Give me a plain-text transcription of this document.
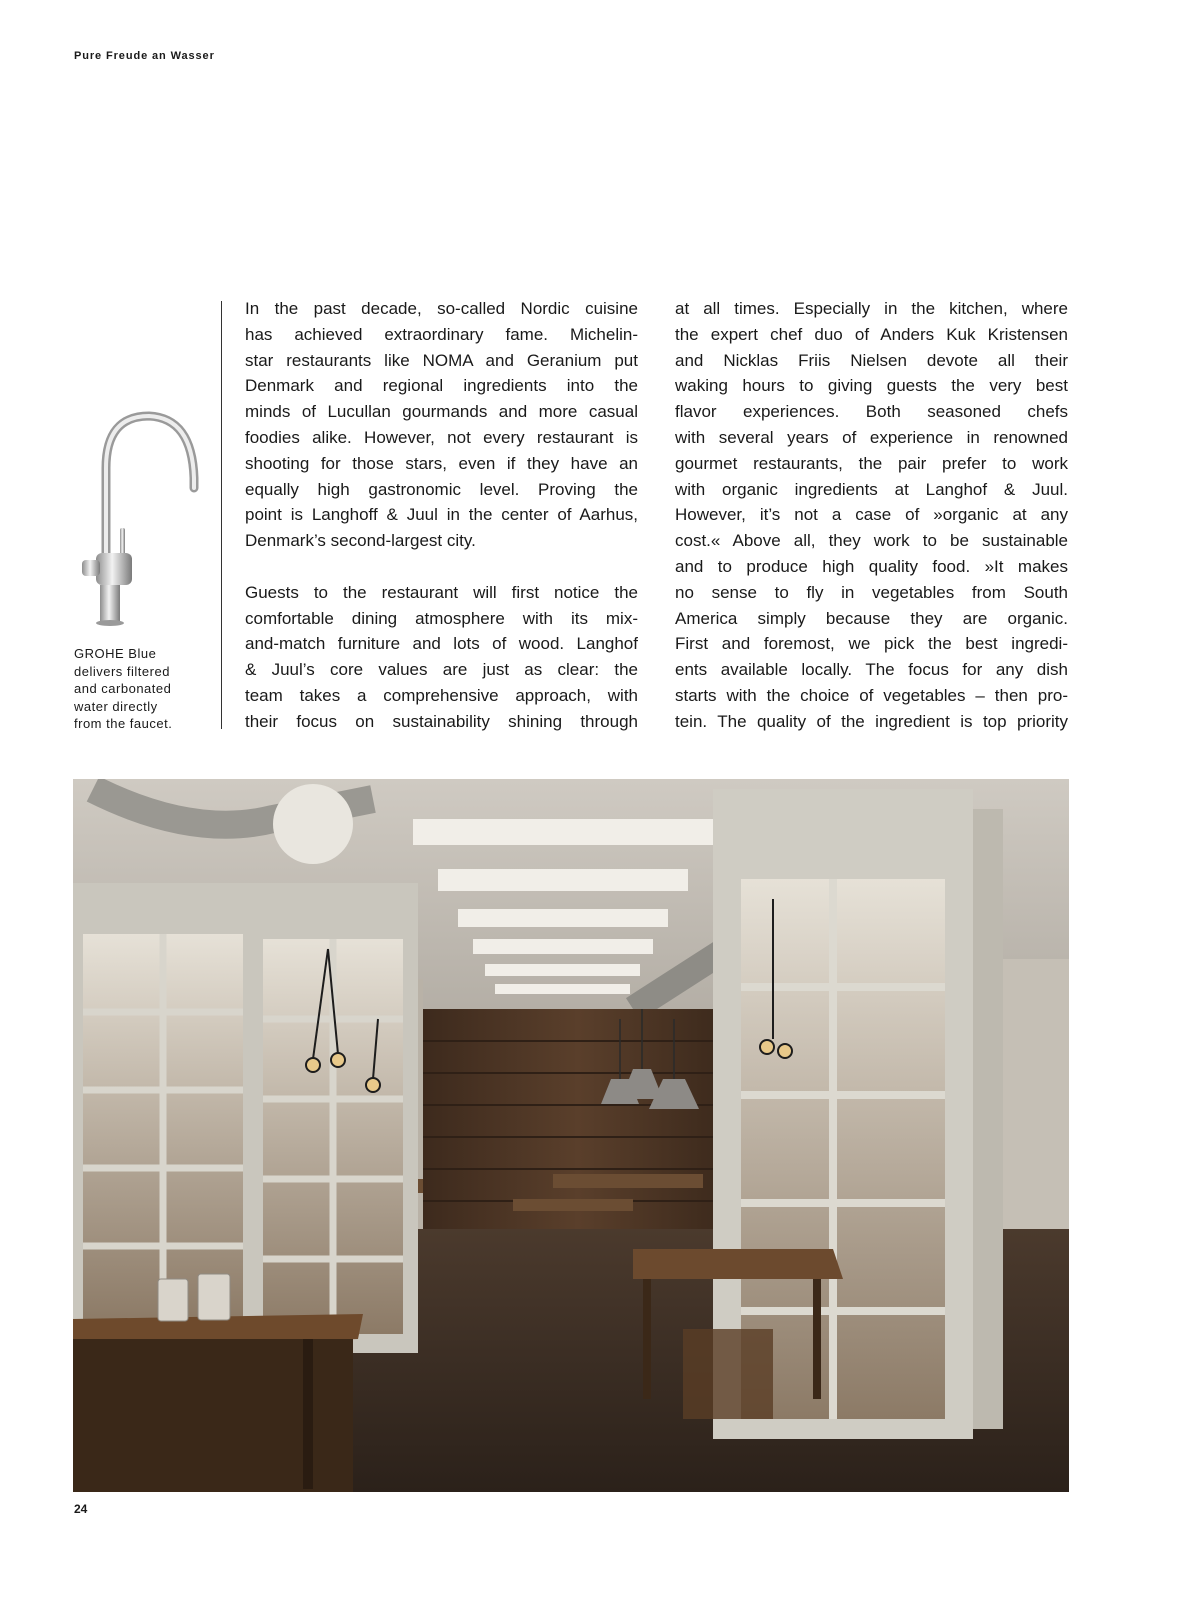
Pure Freude an Wasser
GROHE Blue
delivers filtered
and carbonated
water directly
from the faucet.
In the past decade, so-called Nordic cuisine
has achieved extraordinary fame. Michelin-
star restaurants like NOMA and Geranium put
Denmark and regional ingredients into the
minds of Lucullan gourmands and more casual
foodies alike. However, not every restaurant is
shooting for those stars, even if they have an
equally high gastronomic level. Proving the
point is Langhoff & Juul in the center of Aarhus,
Denmark’s second-largest city.
Guests to the restaurant will first notice the
comfortable dining atmosphere with its mix-
and-match furniture and lots of wood. Langhof
& Juul’s core values are just as clear: the
team takes a comprehensive approach, with
their focus on sustainability shining through
at all times. Especially in the kitchen, where
the expert chef duo of Anders Kuk Kristensen
and Nicklas Friis Nielsen devote all their
waking hours to giving guests the very best
flavor experiences. Both seasoned chefs
with several years of experience in renowned
gourmet restaurants, the pair prefer to work
with organic ingredients at Langhof & Juul.
However, it’s not a case of »organic at any
cost.« Above all, they work to be sustainable
and to produce high quality food. »It makes
no sense to fly in vegetables from South
America simply because they are organic.
First and foremost, we pick the best ingredi-
ents available locally. The focus for any dish
starts with the choice of vegetables – then pro-
tein. The quality of the ingredient is top priority
24
